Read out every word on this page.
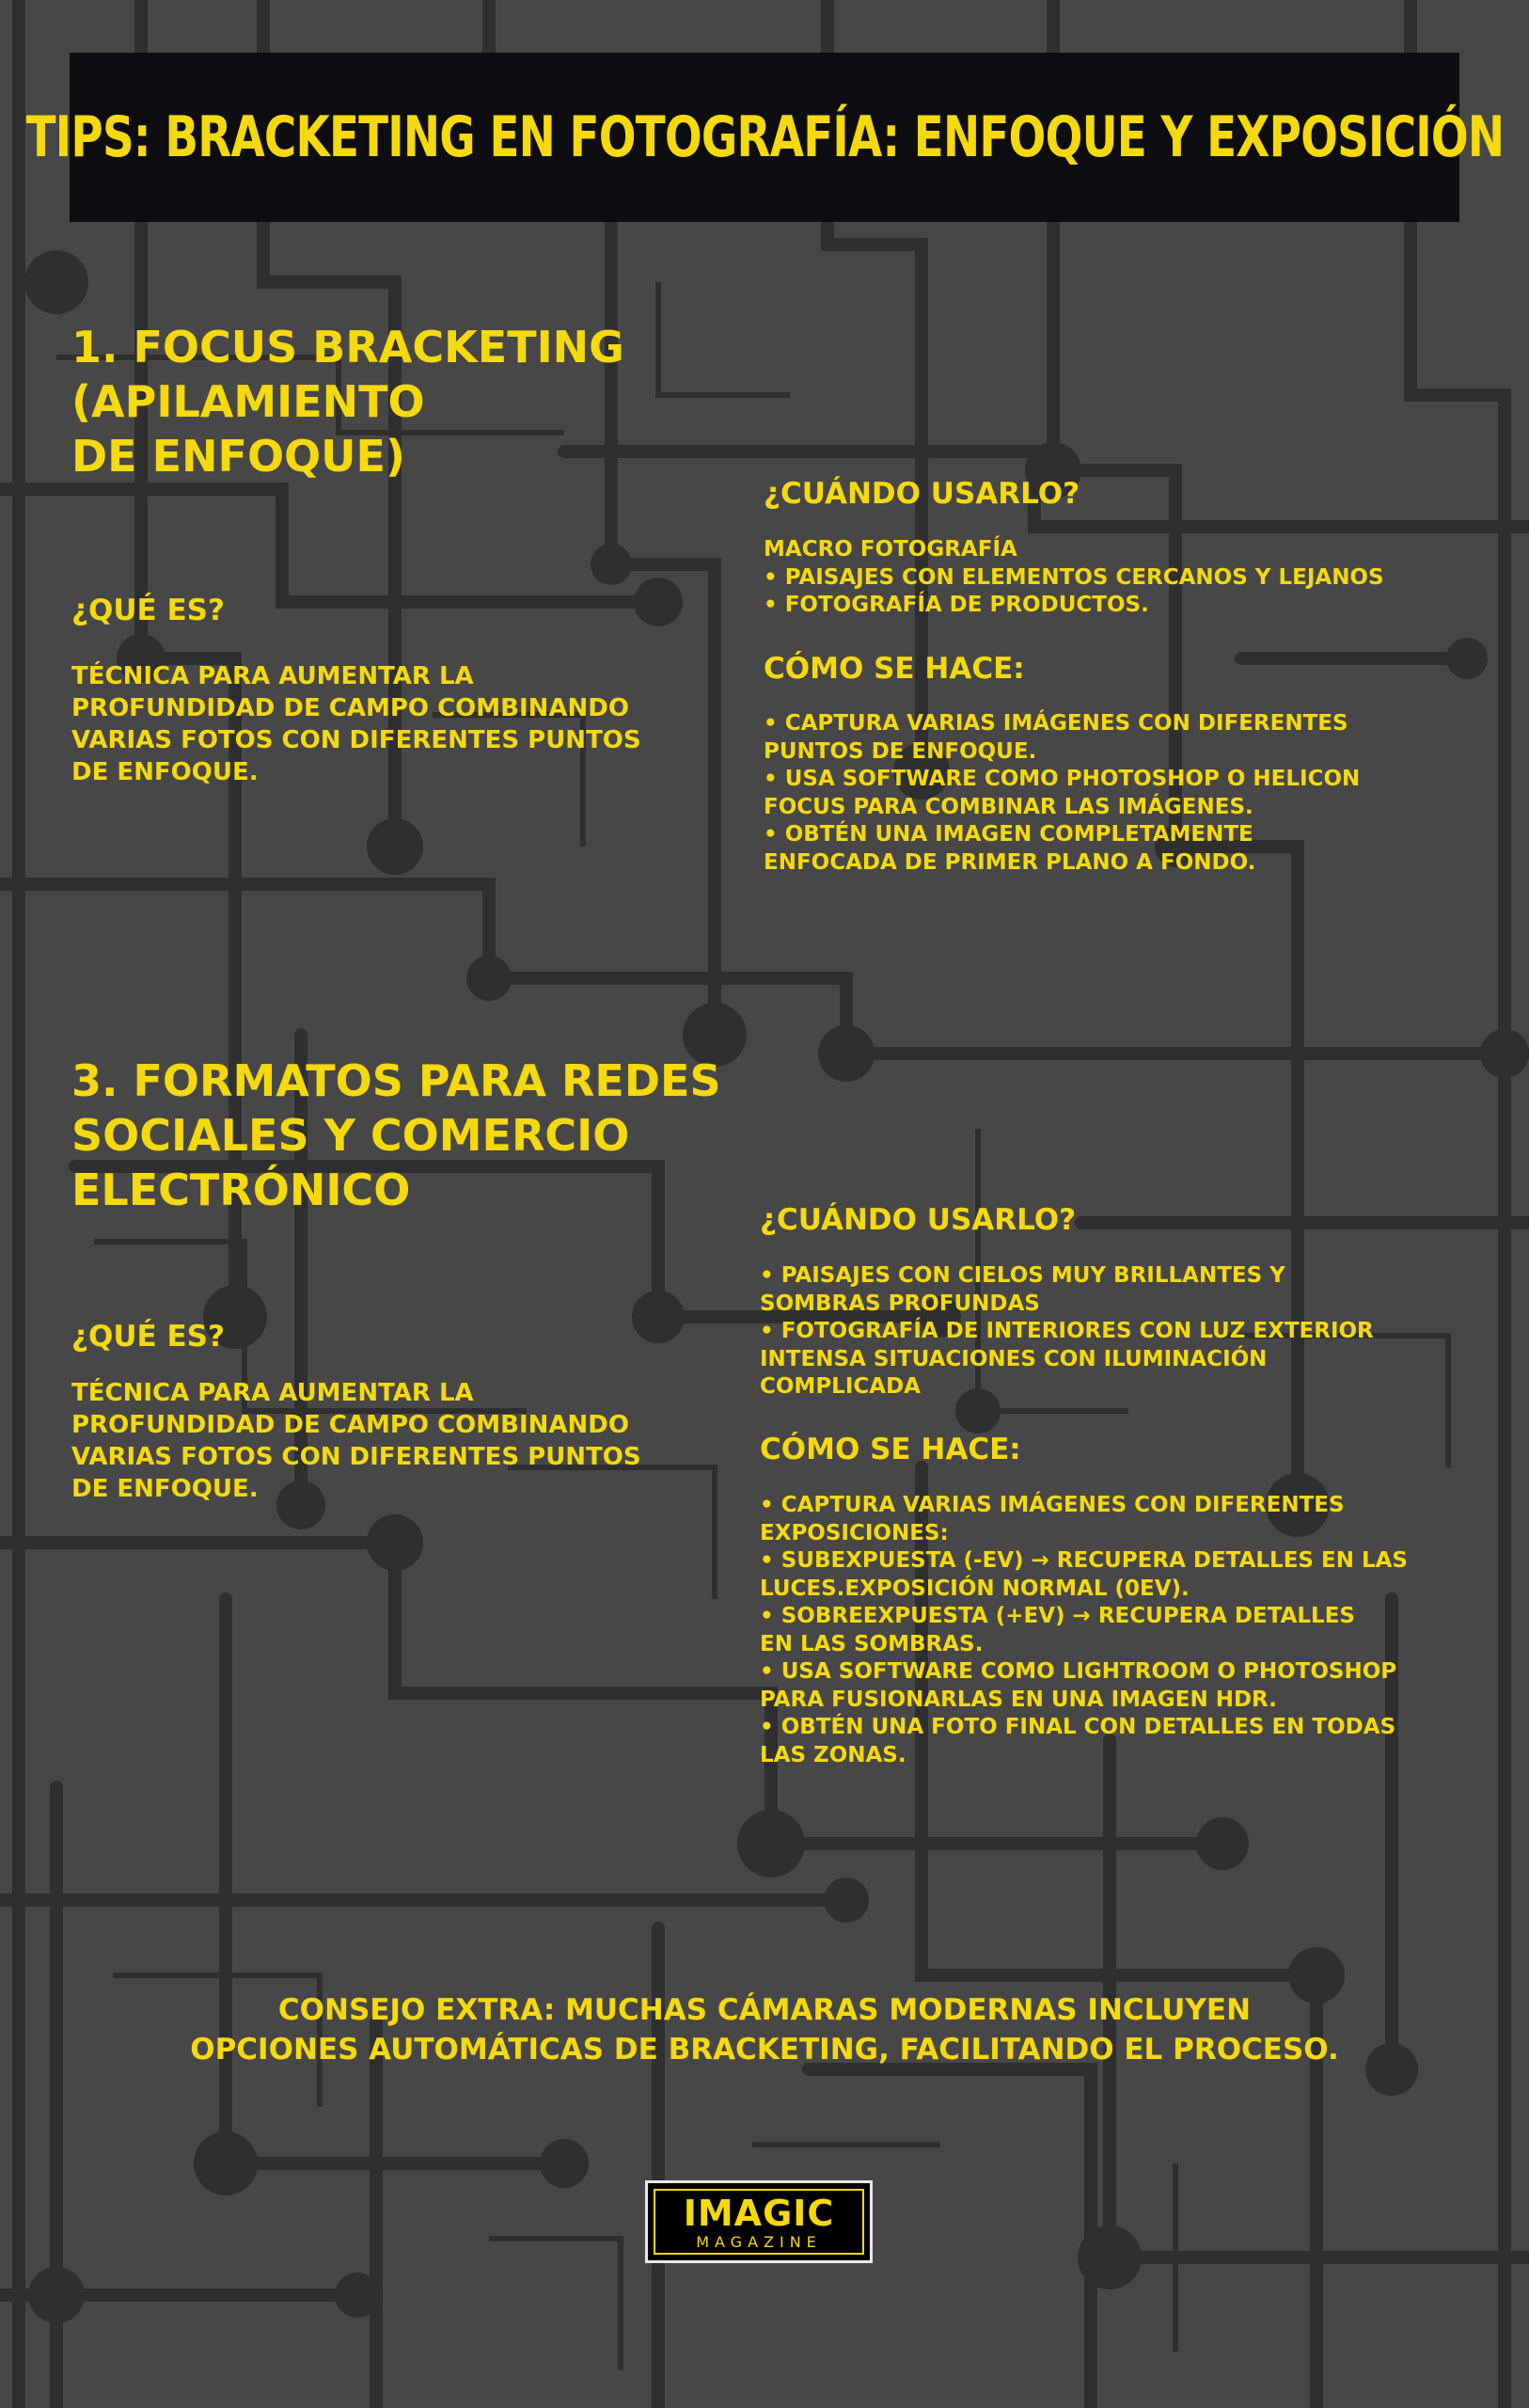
TIPS: BRACKETING EN FOTOGRAFÍA: ENFOQUE Y EXPOSICIÓN

1. FOCUS BRACKETING
(APILAMIENTO
DE ENFOQUE)

¿QUÉ ES?

TÉCNICA PARA AUMENTAR LA
PROFUNDIDAD DE CAMPO COMBINANDO
VARIAS FOTOS CON DIFERENTES PUNTOS
DE ENFOQUE.

¿CUÁNDO USARLO?

MACRO FOTOGRAFÍA
• PAISAJES CON ELEMENTOS CERCANOS Y LEJANOS
• FOTOGRAFÍA DE PRODUCTOS.

CÓMO SE HACE:

• CAPTURA VARIAS IMÁGENES CON DIFERENTES
PUNTOS DE ENFOQUE.
• USA SOFTWARE COMO PHOTOSHOP O HELICON
FOCUS PARA COMBINAR LAS IMÁGENES.
• OBTÉN UNA IMAGEN COMPLETAMENTE
ENFOCADA DE PRIMER PLANO A FONDO.

3. FORMATOS PARA REDES
SOCIALES Y COMERCIO
ELECTRÓNICO

¿QUÉ ES?

TÉCNICA PARA AUMENTAR LA
PROFUNDIDAD DE CAMPO COMBINANDO
VARIAS FOTOS CON DIFERENTES PUNTOS
DE ENFOQUE.

¿CUÁNDO USARLO?

• PAISAJES CON CIELOS MUY BRILLANTES Y
SOMBRAS PROFUNDAS
• FOTOGRAFÍA DE INTERIORES CON LUZ EXTERIOR
INTENSA SITUACIONES CON ILUMINACIÓN
COMPLICADA

CÓMO SE HACE:

• CAPTURA VARIAS IMÁGENES CON DIFERENTES
EXPOSICIONES:
• SUBEXPUESTA (-EV) → RECUPERA DETALLES EN LAS
LUCES.EXPOSICIÓN NORMAL (0EV).
• SOBREEXPUESTA (+EV) → RECUPERA DETALLES
EN LAS SOMBRAS.
• USA SOFTWARE COMO LIGHTROOM O PHOTOSHOP
PARA FUSIONARLAS EN UNA IMAGEN HDR.
• OBTÉN UNA FOTO FINAL CON DETALLES EN TODAS
LAS ZONAS.

CONSEJO EXTRA: MUCHAS CÁMARAS MODERNAS INCLUYEN
OPCIONES AUTOMÁTICAS DE BRACKETING, FACILITANDO EL PROCESO.

IMAGIC
MAGAZINE
